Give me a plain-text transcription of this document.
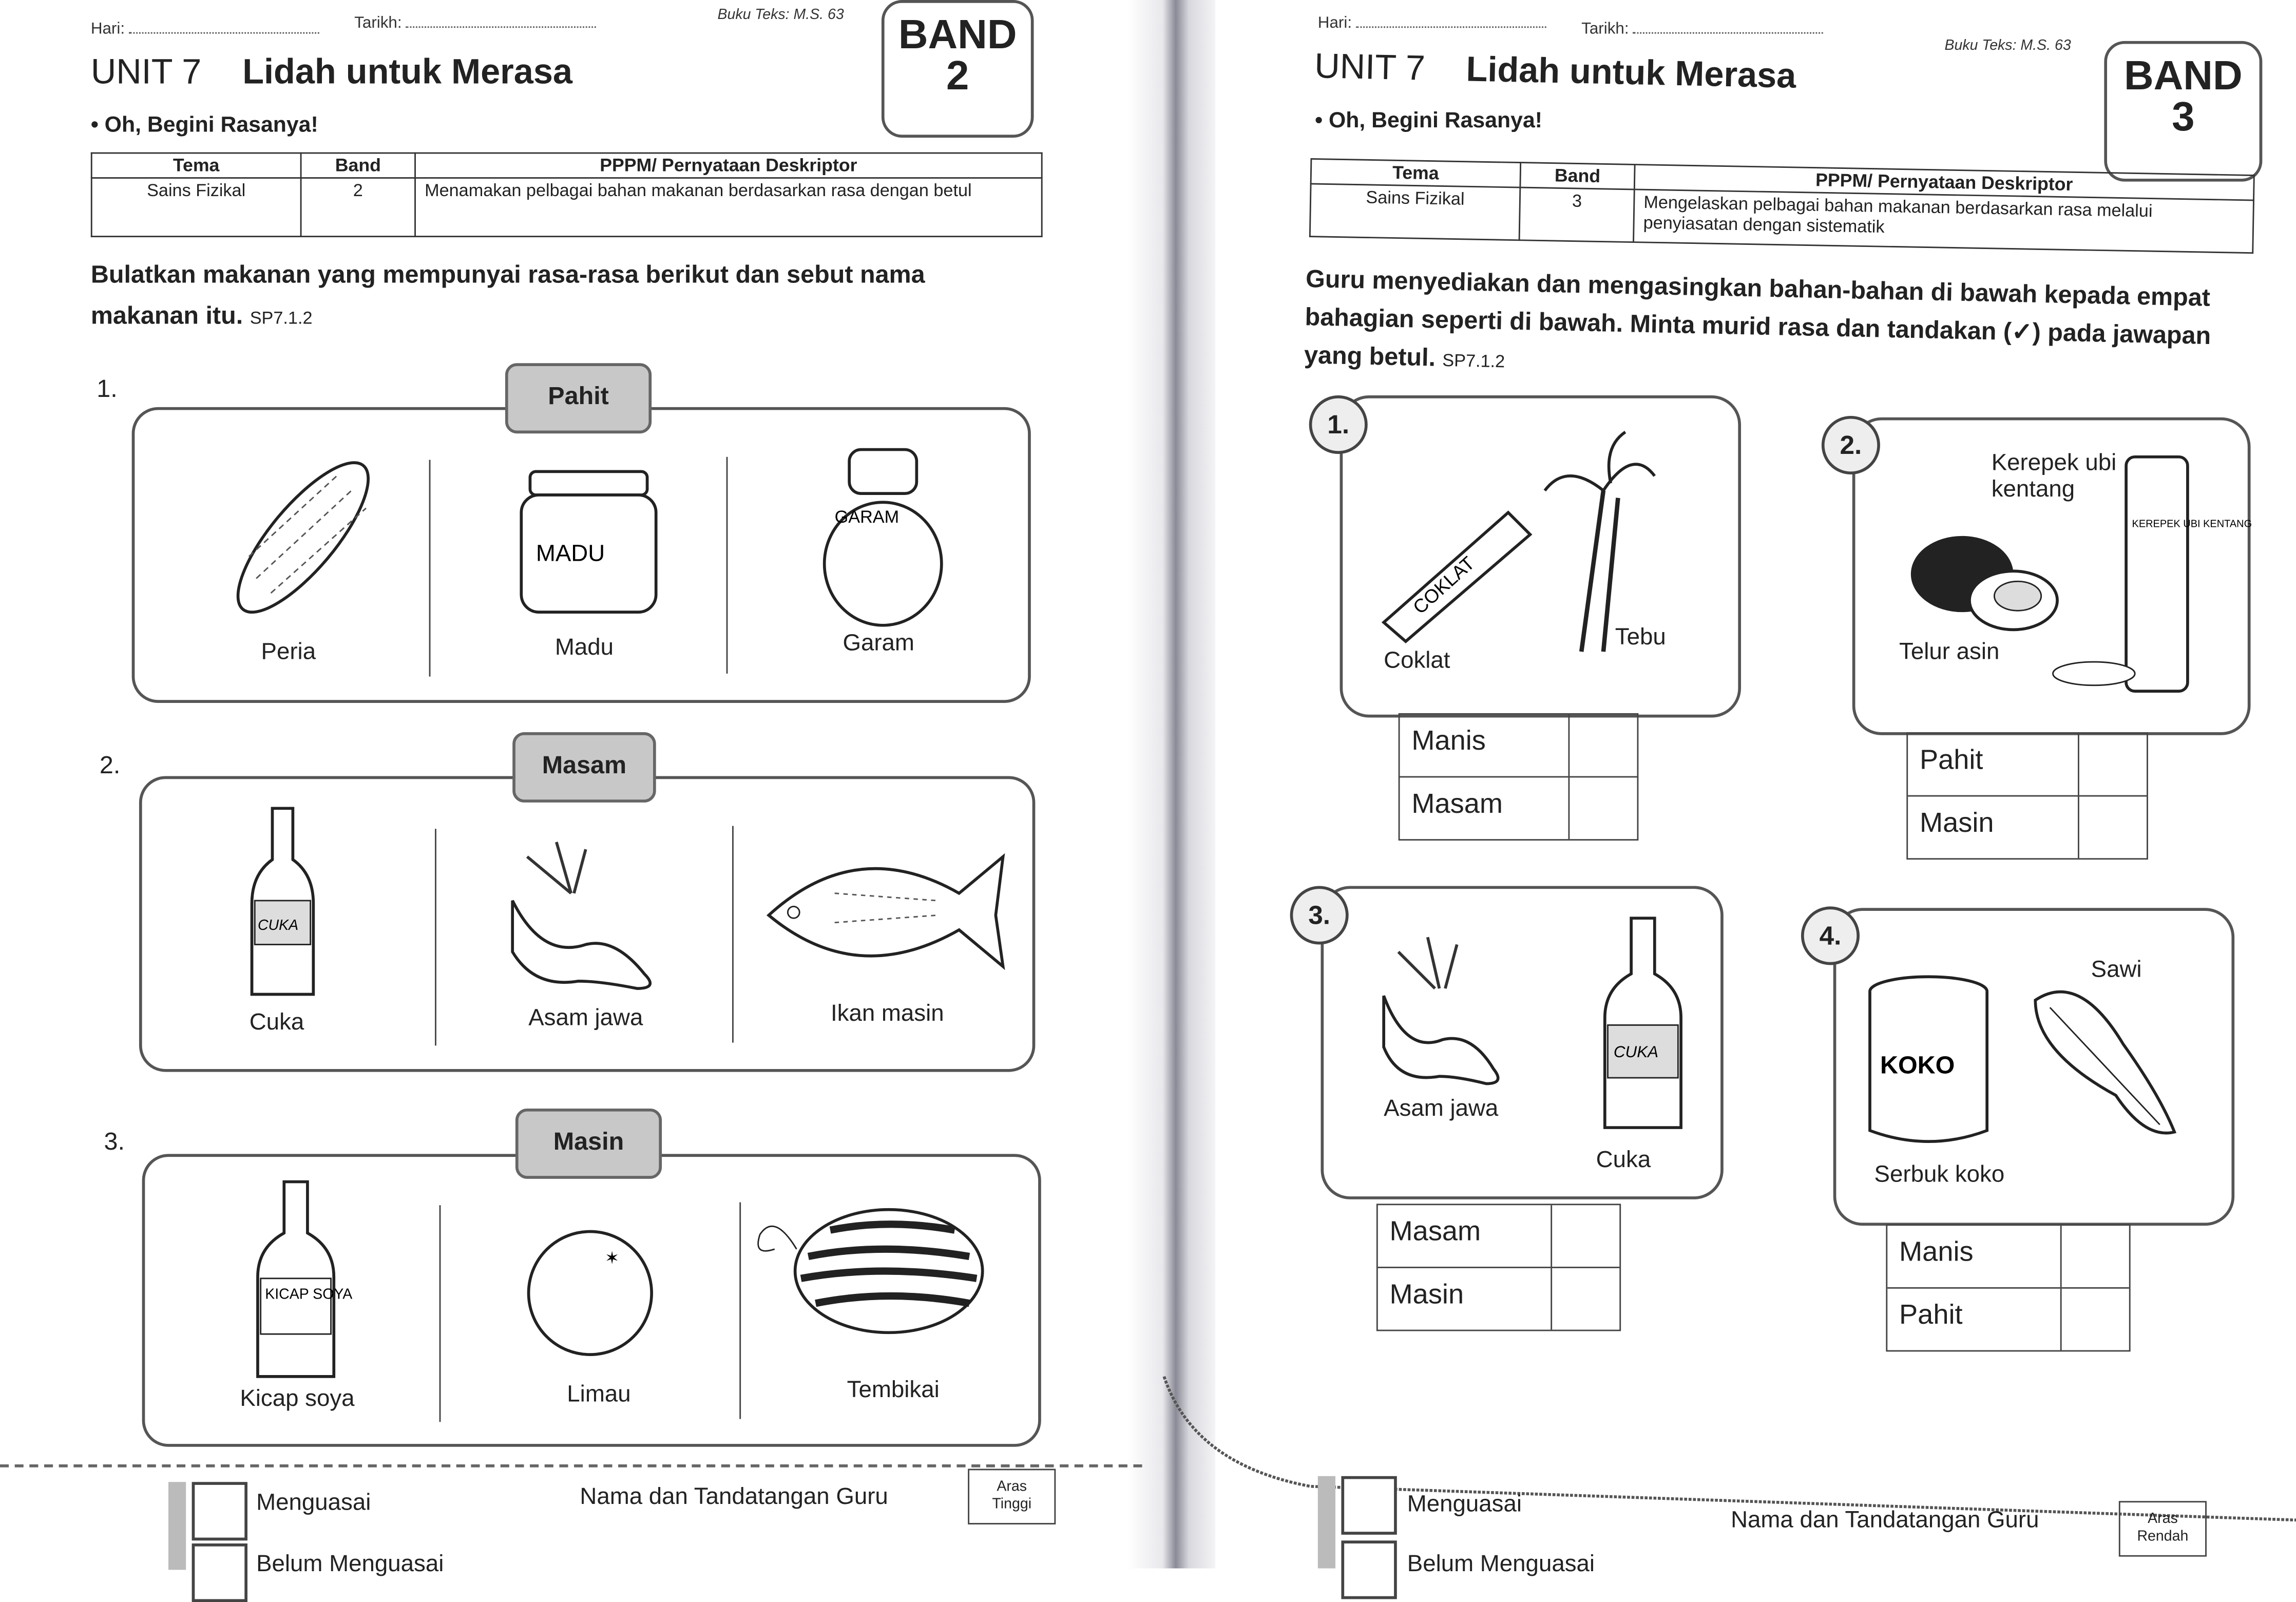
Hari:	Tarikh:	Buku Teks: M.S. 63
UNIT 7	Lidah untuk Merasa
• Oh, Begini Rasanya!
BAND
2
Tema	Band	PPPM/ Pernyataan Deskriptor
Sains Fizikal	2	Menamakan pelbagai bahan makanan berdasarkan rasa dengan betul
Bulatkan makanan yang mempunyai rasa-rasa berikut dan sebut nama makanan itu. SP7.1.2
1.	Pahit
MADU
GARAM
Peria	Madu	Garam
2.	Masam
CUKA
Cuka	Asam jawa	Ikan masin
3.	Masin
KICAP SOYA
✶
Kicap soya	Limau	Tembikai
Menguasai
Belum Menguasai
Nama dan Tandatangan Guru	Aras
Tinggi
Hari:	Tarikh:
Buku Teks: M.S. 63
UNIT 7	Lidah untuk Merasa
• Oh, Begini Rasanya!
BAND
3
Tema	Band	PPPM/ Pernyataan Deskriptor
Sains Fizikal	3	Mengelaskan pelbagai bahan makanan berdasarkan rasa melalui penyiasatan dengan sistematik
Guru menyediakan dan mengasingkan bahan-bahan di bawah kepada empat bahagian seperti di bawah. Minta murid rasa dan tandakan (✓) pada jawapan yang betul. SP7.1.2
1.
COKLAT
Coklat
Tebu
Manis
Masam
2.
Kerepek ubi kentang
KEREPEK UBI KENTANG
Telur asin
Pahit
Masin
3.
CUKA
Asam jawa
Cuka
Masam
Masin
4.
Sawi
KOKO
Serbuk koko
Manis
Pahit
Menguasai
Belum Menguasai
Nama dan Tandatangan Guru	Aras
Rendah
